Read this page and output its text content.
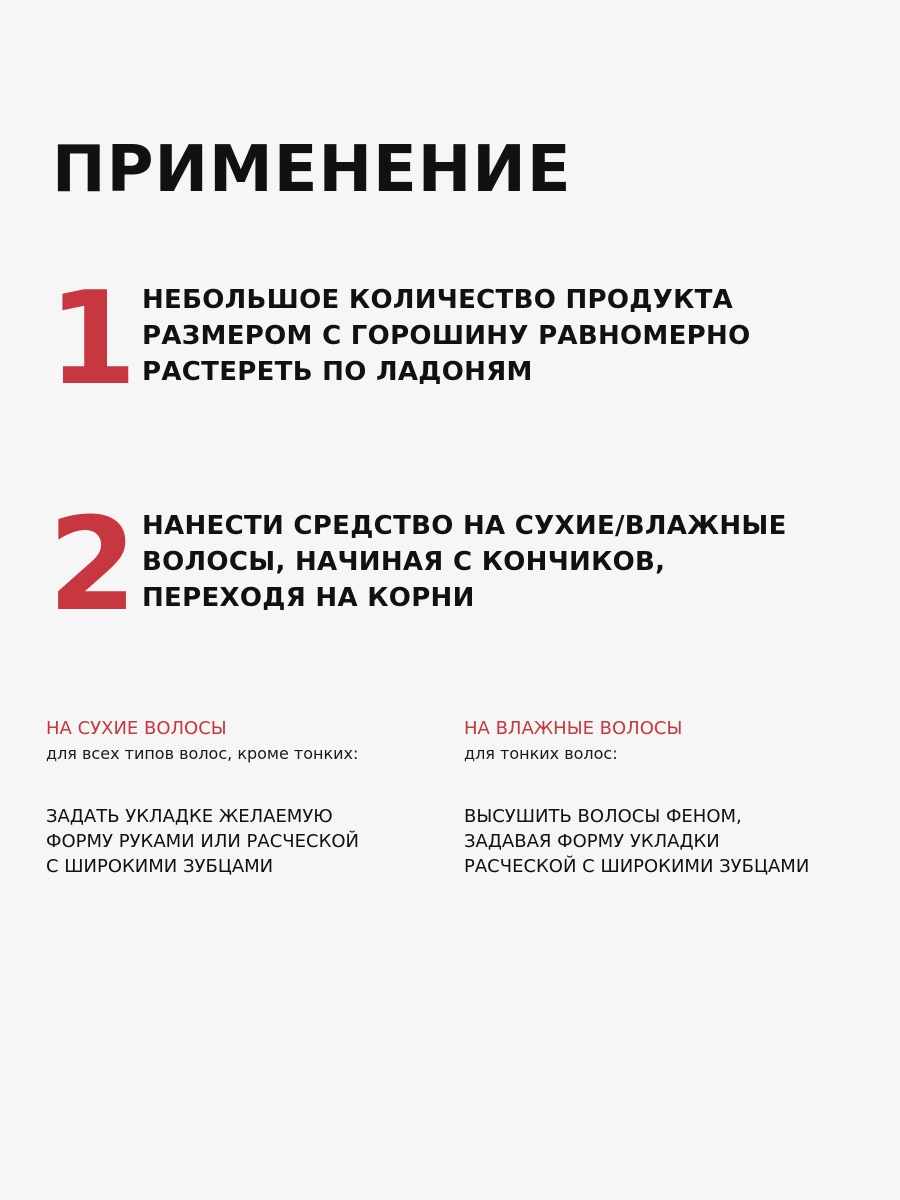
ПРИМЕНЕНИЕ
1 НЕБОЛЬШОЕ КОЛИЧЕСТВО ПРОДУКТА
РАЗМЕРОМ С ГОРОШИНУ РАВНОМЕРНО
РАСТЕРЕТЬ ПО ЛАДОНЯМ
2 НАНЕСТИ СРЕДСТВО НА СУХИЕ/ВЛАЖНЫЕ
ВОЛОСЫ, НАЧИНАЯ С КОНЧИКОВ,
ПЕРЕХОДЯ НА КОРНИ
НА СУХИЕ ВОЛОСЫ
для всех типов волос, кроме тонких:
ЗАДАТЬ УКЛАДКЕ ЖЕЛАЕМУЮ
ФОРМУ РУКАМИ ИЛИ РАСЧЕСКОЙ
С ШИРОКИМИ ЗУБЦАМИ
НА ВЛАЖНЫЕ ВОЛОСЫ
для тонких волос:
ВЫСУШИТЬ ВОЛОСЫ ФЕНОМ,
ЗАДАВАЯ ФОРМУ УКЛАДКИ
РАСЧЕСКОЙ С ШИРОКИМИ ЗУБЦАМИ
